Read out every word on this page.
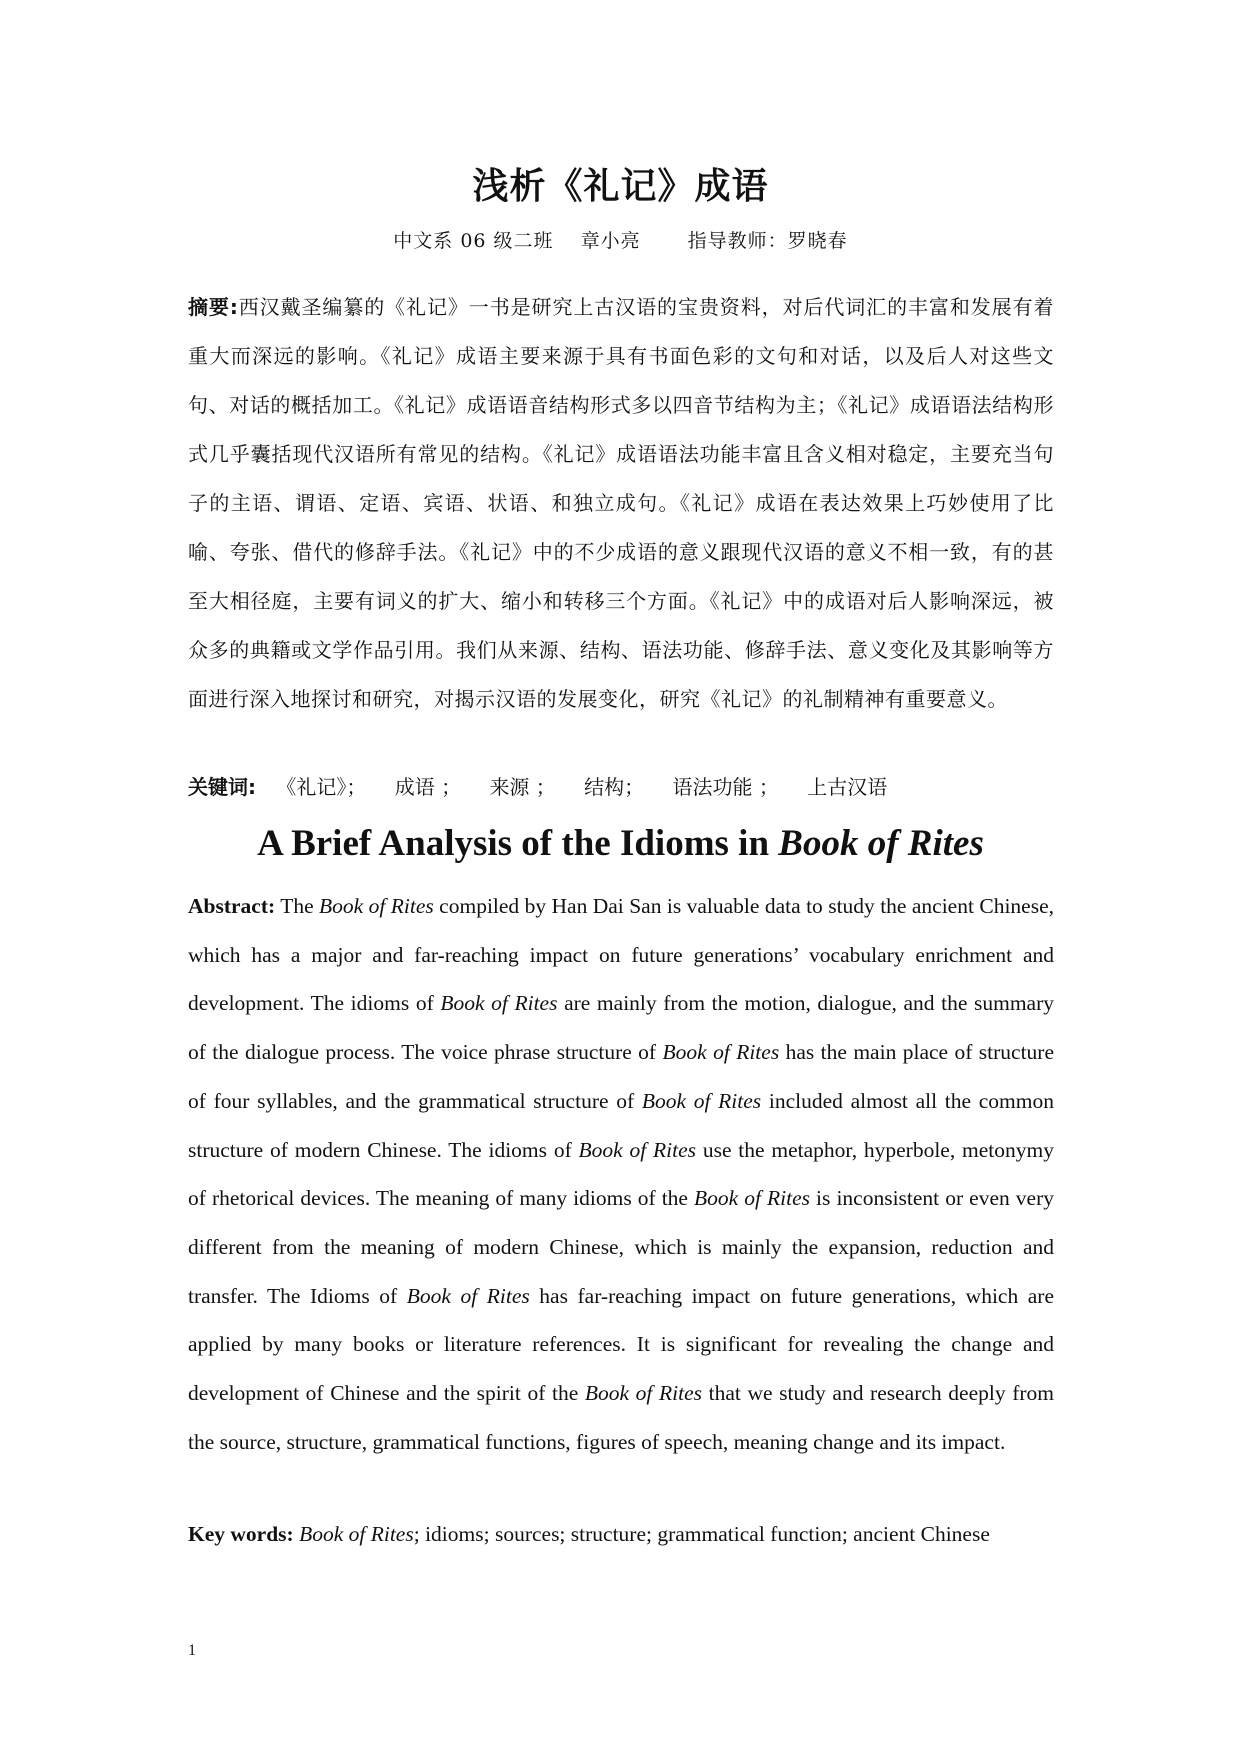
浅析《礼记》成语
中文系 06 级二班 章小亮 指导教师：罗晓春

摘要:西汉戴圣编纂的《礼记》一书是研究上古汉语的宝贵资料，对后代词汇的丰富和发展有着重大而深远的影响。《礼记》成语主要来源于具有书面色彩的文句和对话，以及后人对这些文句、对话的概括加工。《礼记》成语语音结构形式多以四音节结构为主；《礼记》成语语法结构形式几乎囊括现代汉语所有常见的结构。《礼记》成语语法功能丰富且含义相对稳定，主要充当句子的主语、谓语、定语、宾语、状语、和独立成句。《礼记》成语在表达效果上巧妙使用了比喻、夸张、借代的修辞手法。《礼记》中的不少成语的意义跟现代汉语的意义不相一致，有的甚至大相径庭，主要有词义的扩大、缩小和转移三个方面。《礼记》中的成语对后人影响深远，被众多的典籍或文学作品引用。我们从来源、结构、语法功能、修辞手法、意义变化及其影响等方面进行深入地探讨和研究，对揭示汉语的发展变化，研究《礼记》的礼制精神有重要意义。

关键词: 《礼记》； 成语 ； 来源 ； 结构； 语法功能 ； 上古汉语

A Brief Analysis of the Idioms in Book of Rites

Abstract: The Book of Rites compiled by Han Dai San is valuable data to study the ancient Chinese, which has a major and far-reaching impact on future generations’ vocabulary enrichment and development. The idioms of Book of Rites are mainly from the motion, dialogue, and the summary of the dialogue process. The voice phrase structure of Book of Rites has the main place of structure of four syllables, and the grammatical structure of Book of Rites included almost all the common structure of modern Chinese. The idioms of Book of Rites use the metaphor, hyperbole, metonymy of rhetorical devices. The meaning of many idioms of the Book of Rites is inconsistent or even very different from the meaning of modern Chinese, which is mainly the expansion, reduction and transfer. The Idioms of Book of Rites has far-reaching impact on future generations, which are applied by many books or literature references. It is significant for revealing the change and development of Chinese and the spirit of the Book of Rites that we study and research deeply from the source, structure, grammatical functions, figures of speech, meaning change and its impact.

Key words: Book of Rites; idioms; sources; structure; grammatical function; ancient Chinese

1
